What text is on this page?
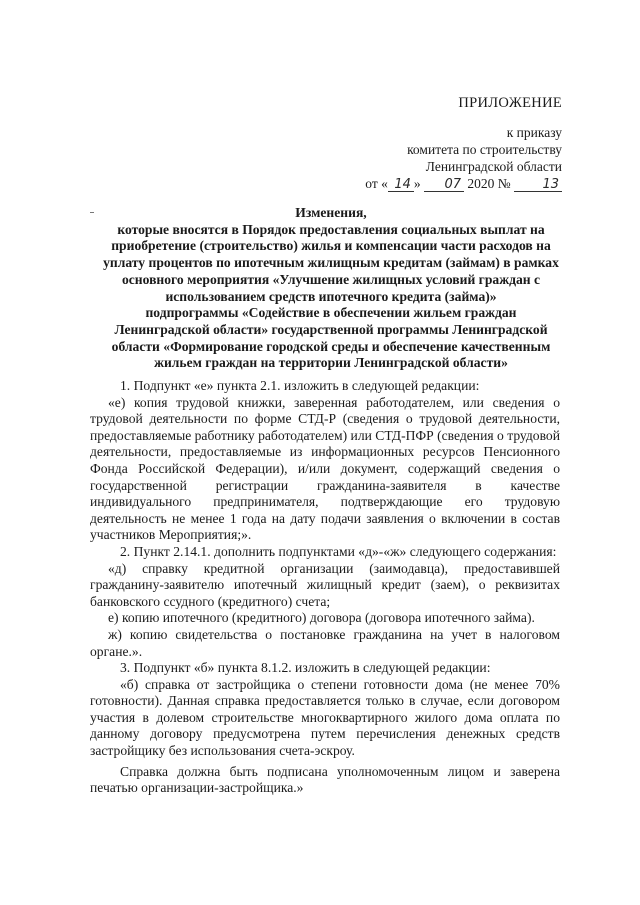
ПРИЛОЖЕНИЕ
к приказу
комитета по строительству
Ленинградской области
от « 14 » 07 2020 № 13
Изменения,
которые вносятся в Порядок предоставления социальных выплат на
приобретение (строительство) жилья и компенсации части расходов на
уплату процентов по ипотечным жилищным кредитам (займам) в рамках
основного мероприятия «Улучшение жилищных условий граждан с
использованием средств ипотечного кредита (займа)»
подпрограммы «Содействие в обеспечении жильем граждан
Ленинградской области» государственной программы Ленинградской
области «Формирование городской среды и обеспечение качественным
жильем граждан на территории Ленинградской области»

1. Подпункт «е» пункта 2.1. изложить в следующей редакции:

«е) копия трудовой книжки, заверенная работодателем, или сведения о трудовой деятельности по форме СТД-Р (сведения о трудовой деятельности, предоставляемые работнику работодателем) или СТД-ПФР (сведения о трудовой деятельности, предоставляемые из информационных ресурсов Пенсионного Фонда Российской Федерации), и/или документ, содержащий сведения о государственной регистрации гражданина-заявителя в качестве индивидуального предпринимателя, подтверждающие его трудовую деятельность не менее 1 года на дату подачи заявления о включении в состав участников Мероприятия;».

2. Пункт 2.14.1. дополнить подпунктами «д»-«ж» следующего содержания:

«д) справку кредитной организации (заимодавца), предоставившей гражданину-заявителю ипотечный жилищный кредит (заем), о реквизитах банковского ссудного (кредитного) счета;

е) копию ипотечного (кредитного) договора (договора ипотечного займа).

ж) копию свидетельства о постановке гражданина на учет в налоговом органе.».

3. Подпункт «б» пункта 8.1.2. изложить в следующей редакции:

«б) справка от застройщика о степени готовности дома (не менее 70% готовности). Данная справка предоставляется только в случае, если договором участия в долевом строительстве многоквартирного жилого дома оплата по данному договору предусмотрена путем перечисления денежных средств застройщику без использования счета-эскроу.

Справка должна быть подписана уполномоченным лицом и заверена печатью организации-застройщика.»
